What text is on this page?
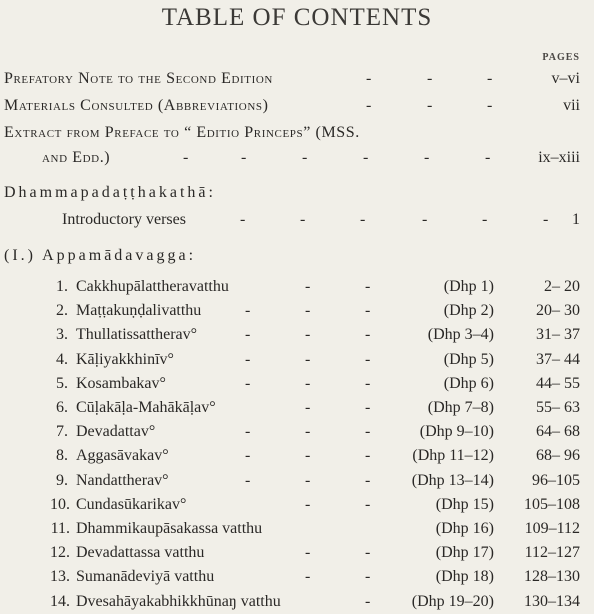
TABLE OF CONTENTS
PAGES
Prefatory Note to the Second Edition	-	-	-	v–vi
Materials Consulted (Abbreviations)	-	-	-	vii
Extract from Preface to “ Editio Princeps” (MSS.
and Edd.)	-	-	-	-	-	-	ix–xiii
Dhammapadaṭṭhakathā:
Introductory verses	-	-	-	-	-	- 1
(I.) Appamādavagga:
1. Cakkhupālattheravatthu	-	-	(Dhp 1)	2– 20
2. Maṭṭakuṇḍalivatthu	-	-	-	(Dhp 2)	20– 30
3. Thullatissattherav°	-	-	-	(Dhp 3–4)	31– 37
4. Kāḷiyakkhinīv°	-	-	-	(Dhp 5)	37– 44
5. Kosambakav°	-	-	-	(Dhp 6)	44– 55
6. Cūḷakāḷa-Mahākāḷav°	-	-	(Dhp 7–8)	55– 63
7. Devadattav°	-	-	-	(Dhp 9–10)	64– 68
8. Aggasāvakav°	-	-	-	(Dhp 11–12)	68– 96
9. Nandattherav°	-	-	-	(Dhp 13–14) 96–105
10. Cundasūkarikav°	-	-	(Dhp 15) 105–108
11. Dhammikaupāsakassa vatthu	(Dhp 16) 109–112
12. Devadattassa vatthu	-	-	(Dhp 17) 112–127
13. Sumanādeviyā vatthu	-	-	(Dhp 18) 128–130
14. Dvesahāyakabhikkhūnaŋ vatthu	-	(Dhp 19–20) 130–134
